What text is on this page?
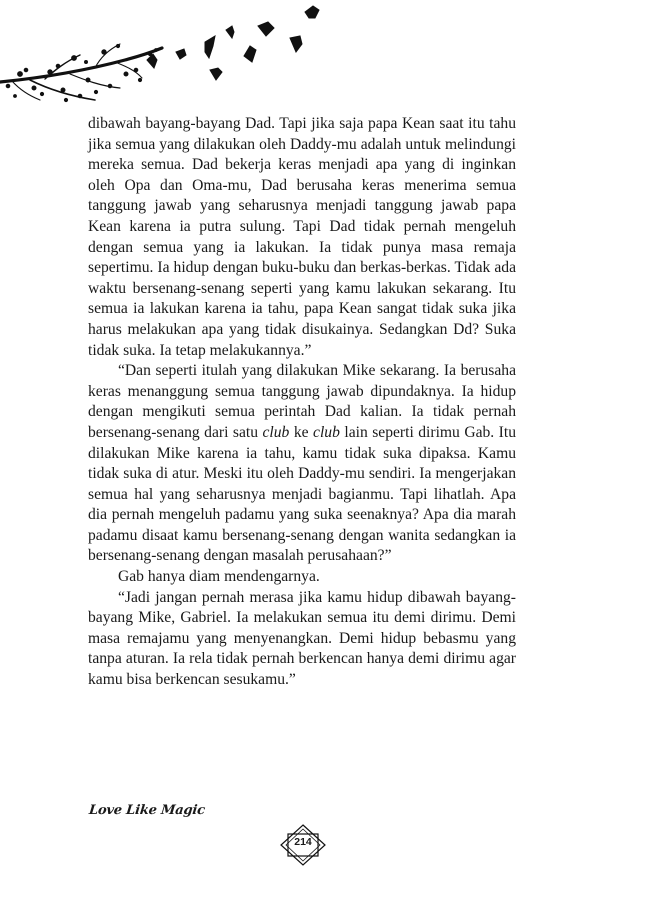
dibawah bayang-bayang Dad. Tapi jika saja papa Kean saat itu tahu jika semua yang dilakukan oleh Daddy-mu adalah untuk melindungi mereka semua. Dad bekerja keras menjadi apa yang di inginkan oleh Opa dan Oma-mu, Dad berusaha keras menerima semua tanggung jawab yang seharusnya menjadi tanggung jawab papa Kean karena ia putra sulung. Tapi Dad tidak pernah mengeluh dengan semua yang ia lakukan. Ia tidak punya masa remaja sepertimu. Ia hidup dengan buku-buku dan berkas-berkas. Tidak ada waktu bersenang-senang seperti yang kamu lakukan sekarang. Itu semua ia lakukan karena ia tahu, papa Kean sangat tidak suka jika harus melakukan apa yang tidak disukainya. Sedangkan Dd? Suka tidak suka. Ia tetap melakukannya.”

“Dan seperti itulah yang dilakukan Mike sekarang. Ia berusaha keras menanggung semua tanggung jawab dipundaknya. Ia hidup dengan mengikuti semua perintah Dad kalian. Ia tidak pernah bersenang-senang dari satu club ke club lain seperti dirimu Gab. Itu dilakukan Mike karena ia tahu, kamu tidak suka dipaksa. Kamu tidak suka di atur. Meski itu oleh Daddy-mu sendiri. Ia mengerjakan semua hal yang seharusnya menjadi bagianmu. Tapi lihatlah. Apa dia pernah mengeluh padamu yang suka seenaknya? Apa dia marah padamu disaat kamu bersenang-senang dengan wanita sedangkan ia bersenang-senang dengan masalah perusahaan?”

Gab hanya diam mendengarnya.

“Jadi jangan pernah merasa jika kamu hidup dibawah bayang-bayang Mike, Gabriel. Ia melakukan semua itu demi dirimu. Demi masa remajamu yang menyenangkan. Demi hidup bebasmu yang tanpa aturan. Ia rela tidak pernah berkencan hanya demi dirimu agar kamu bisa berkencan sesukamu.”

Love Like Magic
214
